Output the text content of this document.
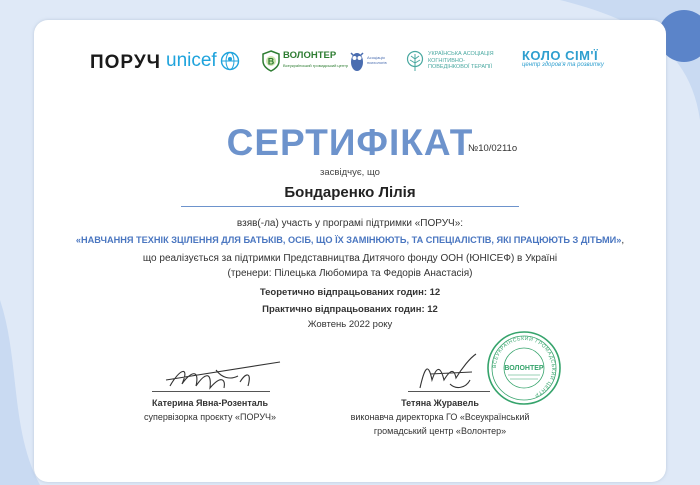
ПОРУЧ unicef	B
ВОЛОНТЕР
Всеукраїнський громадський центр
Асоціація психологів
УКРАЇНСЬКА АСОЦІАЦІЯ КОГНІТИВНО-ПОВЕДІНКОВОЇ ТЕРАПІЇ
КОЛО СІМ'Ї
центр здоров'я та розвитку
СЕРТИФІКАТ
№10/0211о
засвідчує, що
Бондаренко Лілія
взяв(-ла) участь у програмі підтримки «ПОРУЧ»:
«НАВЧАННЯ ТЕХНІК ЗЦІЛЕННЯ ДЛЯ БАТЬКІВ, ОСІБ, ЩО ЇХ ЗАМІНЮЮТЬ, ТА СПЕЦІАЛІСТІВ, ЯКІ ПРАЦЮЮТЬ З ДІТЬМИ»,
що реалізується за підтримки Представництва Дитячого фонду ООН (ЮНІСЕФ) в Україні
(тренери: Пілецька Любомира та Федорів Анастасія)
Теоретично відпрацьованих годин: 12
Практично відпрацьованих годин: 12
Жовтень 2022 року
Катерина Явна-Розенталь
супервізорка проєкту «ПОРУЧ»
Тетяна Журавель
виконавча директорка ГО «Всеукраїнський
громадський центр «Волонтер»
ВСЕУКРАЇНСЬКИЙ ГРОМАДСЬКИЙ ЦЕНТР
ВОЛОНТЕР
